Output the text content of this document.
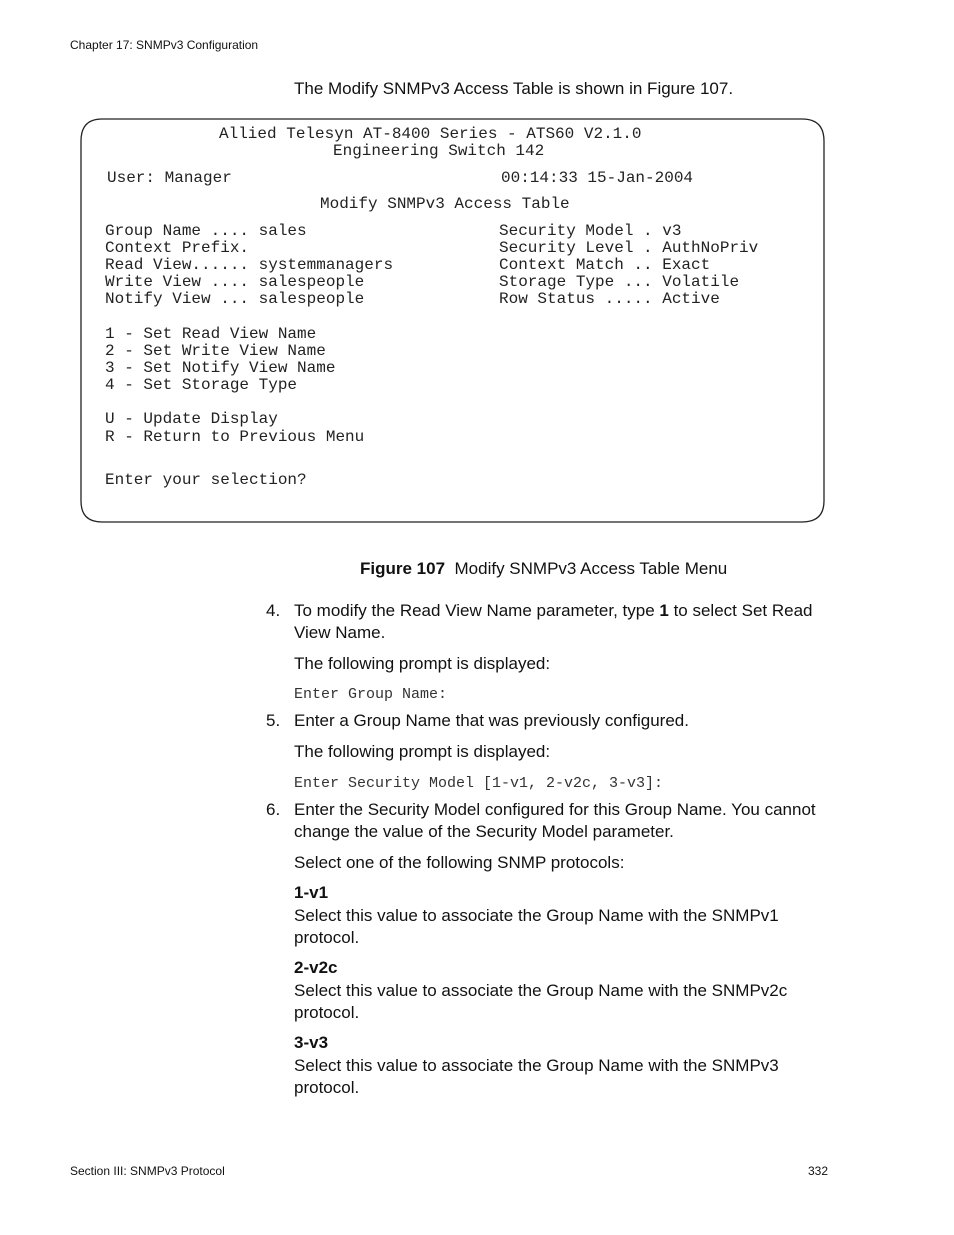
Chapter 17: SNMPv3 Configuration
The Modify SNMPv3 Access Table is shown in Figure 107.
Allied Telesyn AT-8400 Series - ATS60 V2.1.0
Engineering Switch 142
User: Manager	00:14:33 15-Jan-2004
Modify SNMPv3 Access Table
Group Name .... sales
Context Prefix.
Read View...... systemmanagers
Write View .... salespeople
Notify View ... salespeople
Security Model . v3
Security Level . AuthNoPriv
Context Match .. Exact
Storage Type ... Volatile
Row Status ..... Active
1 - Set Read View Name
2 - Set Write View Name
3 - Set Notify View Name
4 - Set Storage Type
U - Update Display
R - Return to Previous Menu
Enter your selection?
Figure 107 Modify SNMPv3 Access Table Menu
4. To modify the Read View Name parameter, type 1 to select Set Read View Name.
The following prompt is displayed:
Enter Group Name:
5. Enter a Group Name that was previously configured.
The following prompt is displayed:
Enter Security Model [1-v1, 2-v2c, 3-v3]:
6. Enter the Security Model configured for this Group Name. You cannot change the value of the Security Model parameter.
Select one of the following SNMP protocols:
1-v1
Select this value to associate the Group Name with the SNMPv1 protocol.
2-v2c
Select this value to associate the Group Name with the SNMPv2c protocol.
3-v3
Select this value to associate the Group Name with the SNMPv3 protocol.
Section III: SNMPv3 Protocol	332
